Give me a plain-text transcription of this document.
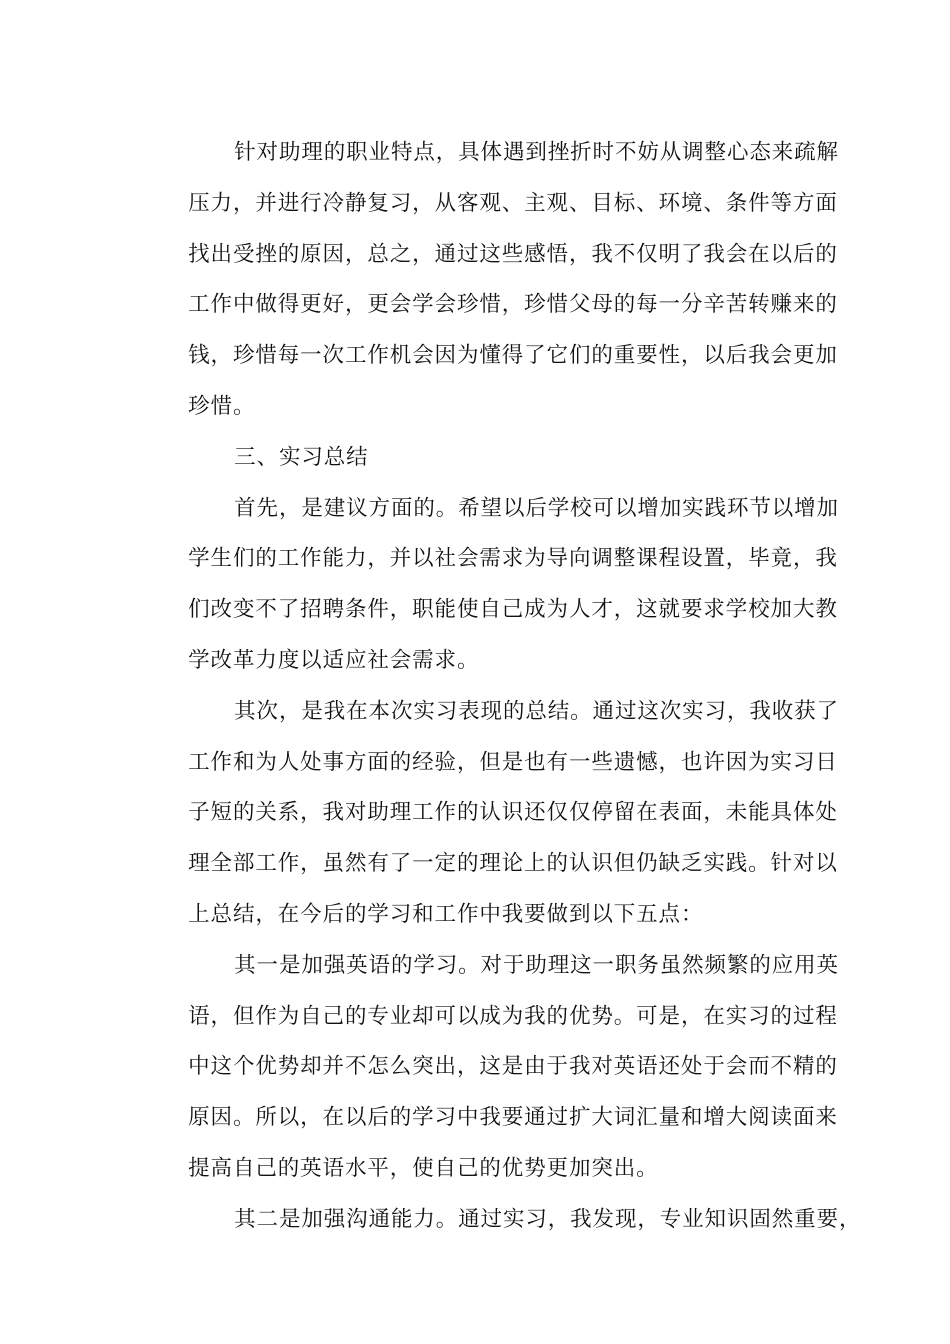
针对助理的职业特点，具体遇到挫折时不妨从调整心态来疏解
压力，并进行冷静复习，从客观、主观、目标、环境、条件等方面
找出受挫的原因，总之，通过这些感悟，我不仅明了我会在以后的
工作中做得更好，更会学会珍惜，珍惜父母的每一分辛苦转赚来的
钱，珍惜每一次工作机会因为懂得了它们的重要性，以后我会更加
珍惜。
三、实习总结
首先，是建议方面的。希望以后学校可以增加实践环节以增加
学生们的工作能力，并以社会需求为导向调整课程设置，毕竟，我
们改变不了招聘条件，职能使自己成为人才，这就要求学校加大教
学改革力度以适应社会需求。
其次，是我在本次实习表现的总结。通过这次实习，我收获了
工作和为人处事方面的经验，但是也有一些遗憾，也许因为实习日
子短的关系，我对助理工作的认识还仅仅停留在表面，未能具体处
理全部工作，虽然有了一定的理论上的认识但仍缺乏实践。针对以
上总结，在今后的学习和工作中我要做到以下五点：
其一是加强英语的学习。对于助理这一职务虽然频繁的应用英
语，但作为自己的专业却可以成为我的优势。可是，在实习的过程
中这个优势却并不怎么突出，这是由于我对英语还处于会而不精的
原因。所以，在以后的学习中我要通过扩大词汇量和增大阅读面来
提高自己的英语水平，使自己的优势更加突出。
其二是加强沟通能力。通过实习，我发现，专业知识固然重要，
